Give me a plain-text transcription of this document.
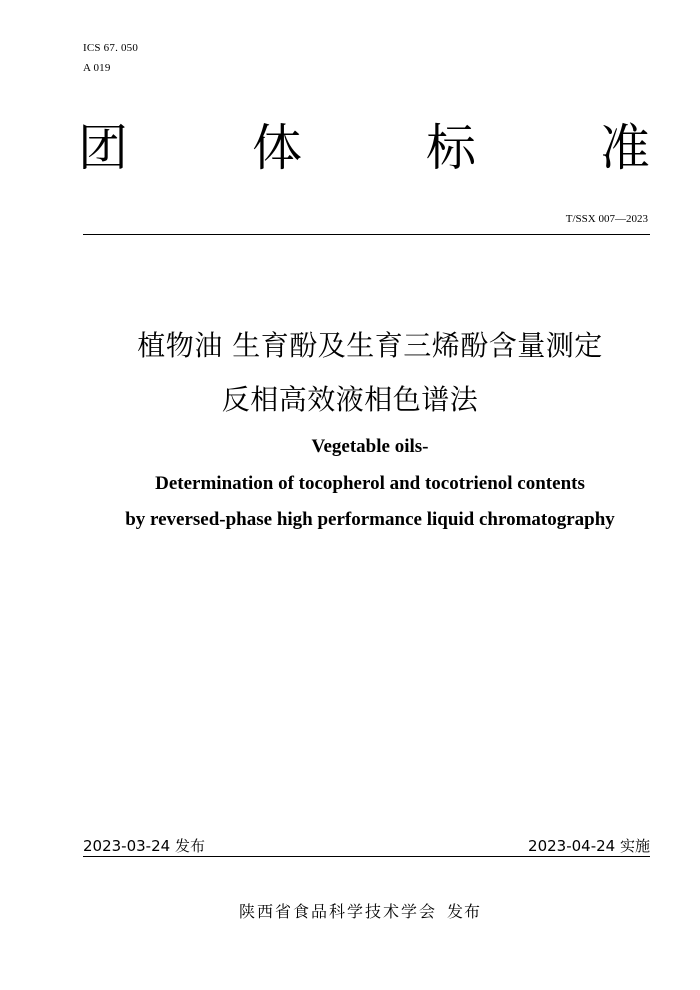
ICS 67. 050
A 019
团 体 标 准
T/SSX 007—2023
植物油 生育酚及生育三烯酚含量测定
反相高效液相色谱法
Vegetable oils-
Determination of tocopherol and tocotrienol contents
by reversed-phase high performance liquid chromatography
2023-03-24 发布	2023-04-24 实施
陕西省食品科学技术学会 发布
